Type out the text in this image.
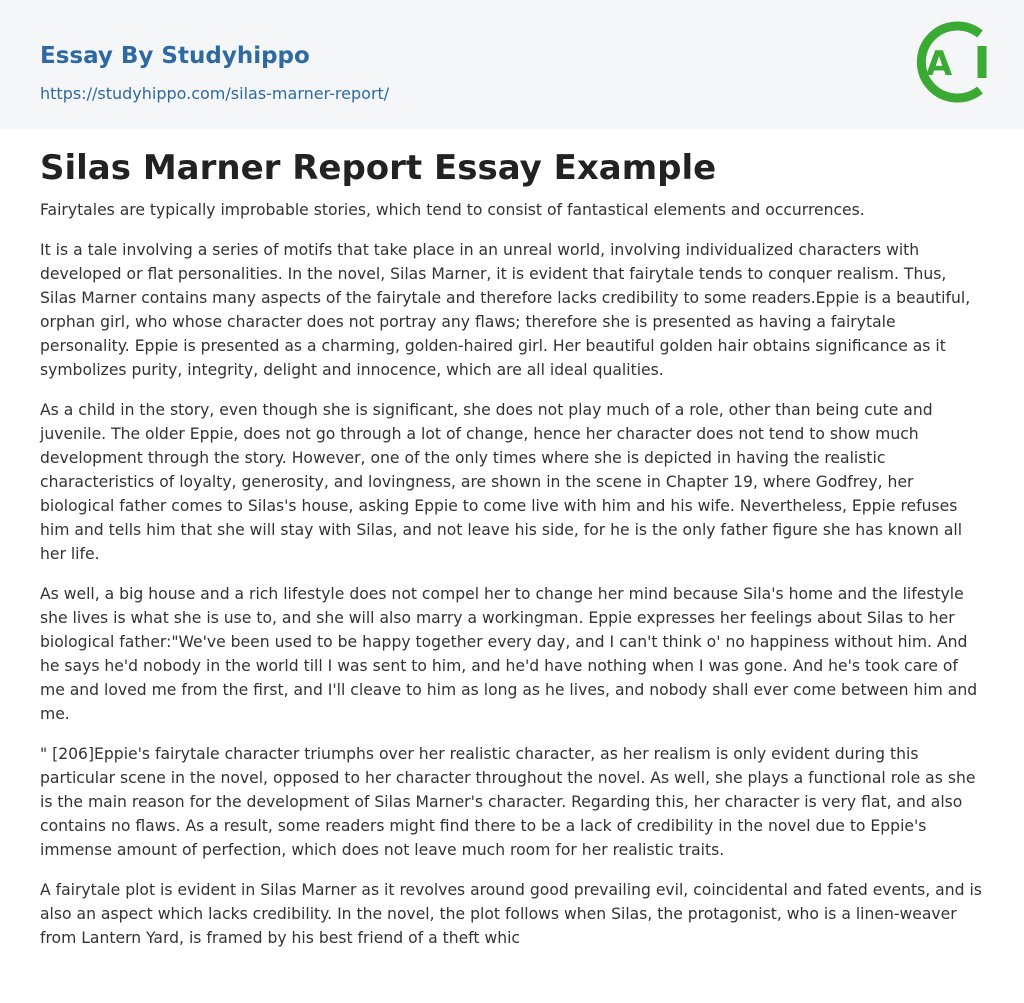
Essay By Studyhippo
https://studyhippo.com/silas-marner-report/
A
Silas Marner Report Essay Example

Fairytales are typically improbable stories, which tend to consist of fantastical elements and occurrences.

It is a tale involving a series of motifs that take place in an unreal world, involving individualized characters with developed or flat personalities. In the novel, Silas Marner, it is evident that fairytale tends to conquer realism. Thus, Silas Marner contains many aspects of the fairytale and therefore lacks credibility to some readers.Eppie is a beautiful, orphan girl, who whose character does not portray any flaws; therefore she is presented as having a fairytale personality. Eppie is presented as a charming, golden-haired girl. Her beautiful golden hair obtains significance as it symbolizes purity, integrity, delight and innocence, which are all ideal qualities.

As a child in the story, even though she is significant, she does not play much of a role, other than being cute and juvenile. The older Eppie, does not go through a lot of change, hence her character does not tend to show much development through the story. However, one of the only times where she is depicted in having the realistic characteristics of loyalty, generosity, and lovingness, are shown in the scene in Chapter 19, where Godfrey, her biological father comes to Silas's house, asking Eppie to come live with him and his wife. Nevertheless, Eppie refuses him and tells him that she will stay with Silas, and not leave his side, for he is the only father figure she has known all her life.

As well, a big house and a rich lifestyle does not compel her to change her mind because Sila's home and the lifestyle she lives is what she is use to, and she will also marry a workingman. Eppie expresses her feelings about Silas to her biological father:"We've been used to be happy together every day, and I can't think o' no happiness without him. And he says he'd nobody in the world till I was sent to him, and he'd have nothing when I was gone. And he's took care of me and loved me from the first, and I'll cleave to him as long as he lives, and nobody shall ever come between him and me.

" [206]Eppie's fairytale character triumphs over her realistic character, as her realism is only evident during this particular scene in the novel, opposed to her character throughout the novel. As well, she plays a functional role as she is the main reason for the development of Silas Marner's character. Regarding this, her character is very flat, and also contains no flaws. As a result, some readers might find there to be a lack of credibility in the novel due to Eppie's immense amount of perfection, which does not leave much room for her realistic traits.

A fairytale plot is evident in Silas Marner as it revolves around good prevailing evil, coincidental and fated events, and is also an aspect which lacks credibility. In the novel, the plot follows when Silas, the protagonist, who is a linen-weaver from Lantern Yard, is framed by his best friend of a theft whic
